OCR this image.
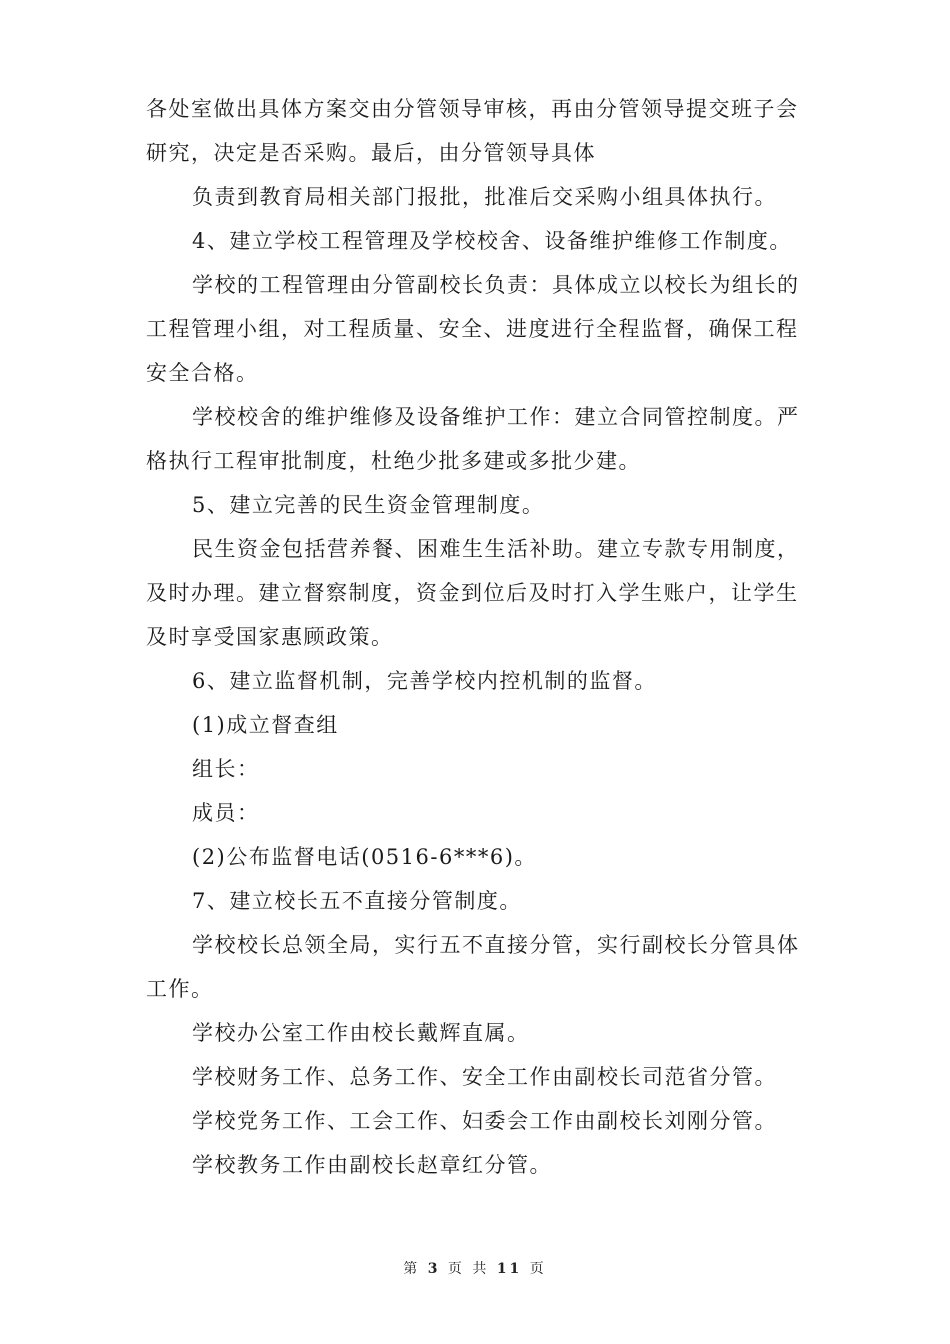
各处室做出具体方案交由分管领导审核，再由分管领导提交班子会研究，决定是否采购。最后，由分管领导具体
负责到教育局相关部门报批，批准后交采购小组具体执行。
4、建立学校工程管理及学校校舍、设备维护维修工作制度。
学校的工程管理由分管副校长负责：具体成立以校长为组长的工程管理小组，对工程质量、安全、进度进行全程监督，确保工程安全合格。
学校校舍的维护维修及设备维护工作：建立合同管控制度。严格执行工程审批制度，杜绝少批多建或多批少建。
5、建立完善的民生资金管理制度。
民生资金包括营养餐、困难生生活补助。建立专款专用制度，及时办理。建立督察制度，资金到位后及时打入学生账户，让学生及时享受国家惠顾政策。
6、建立监督机制，完善学校内控机制的监督。
(1)成立督查组
组长：
成员：
(2)公布监督电话(0516-6***6)。
7、建立校长五不直接分管制度。
学校校长总领全局，实行五不直接分管，实行副校长分管具体工作。
学校办公室工作由校长戴辉直属。
学校财务工作、总务工作、安全工作由副校长司范省分管。
学校党务工作、工会工作、妇委会工作由副校长刘刚分管。
学校教务工作由副校长赵章红分管。
第 3 页 共 11 页
